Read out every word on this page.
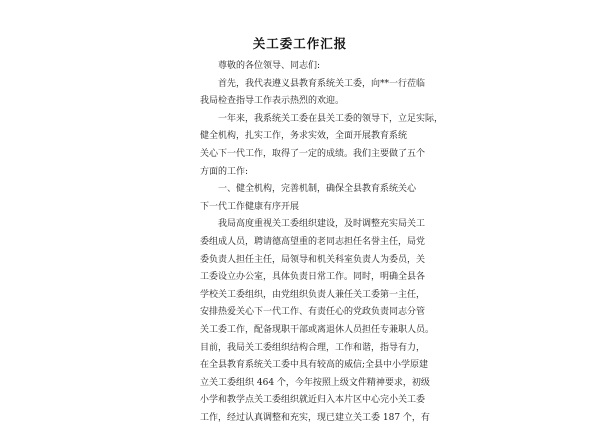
关工委工作汇报

尊敬的各位领导、同志们:

首先，我代表遵义县教育系统关工委，向**一行莅临

我局检查指导工作表示热烈的欢迎。

一年来，我系统关工委在县关工委的领导下，立足实际，

健全机构，扎实工作，务求实效，全面开展教育系统

关心下一代工作，取得了一定的成绩。我们主要做了五个

方面的工作:

一、健全机构，完善机制，确保全县教育系统关心

下一代工作健康有序开展

我局高度重视关工委组织建设，及时调整充实局关工

委组成人员，聘请德高望重的老同志担任名誉主任，局党

委负责人担任主任，局领导和机关科室负责人为委员，关

工委设立办公室，具体负责日常工作。同时，明确全县各

学校关工委组织，由党组织负责人兼任关工委第一主任，

安排热爱关心下一代工作、有责任心的党政负责同志分管

关工委工作，配备现职干部或离退休人员担任专兼职人员。

目前，我局关工委组织结构合理，工作和谐，指导有力，

在全县教育系统关工委中具有较高的威信;全县中小学原建

立关工委组织 464 个，今年按照上级文件精神要求，初级

小学和教学点关工委组织就近归入本片区中心完小关工委

工作，经过认真调整和充实，现已建立关工委 187 个，有
